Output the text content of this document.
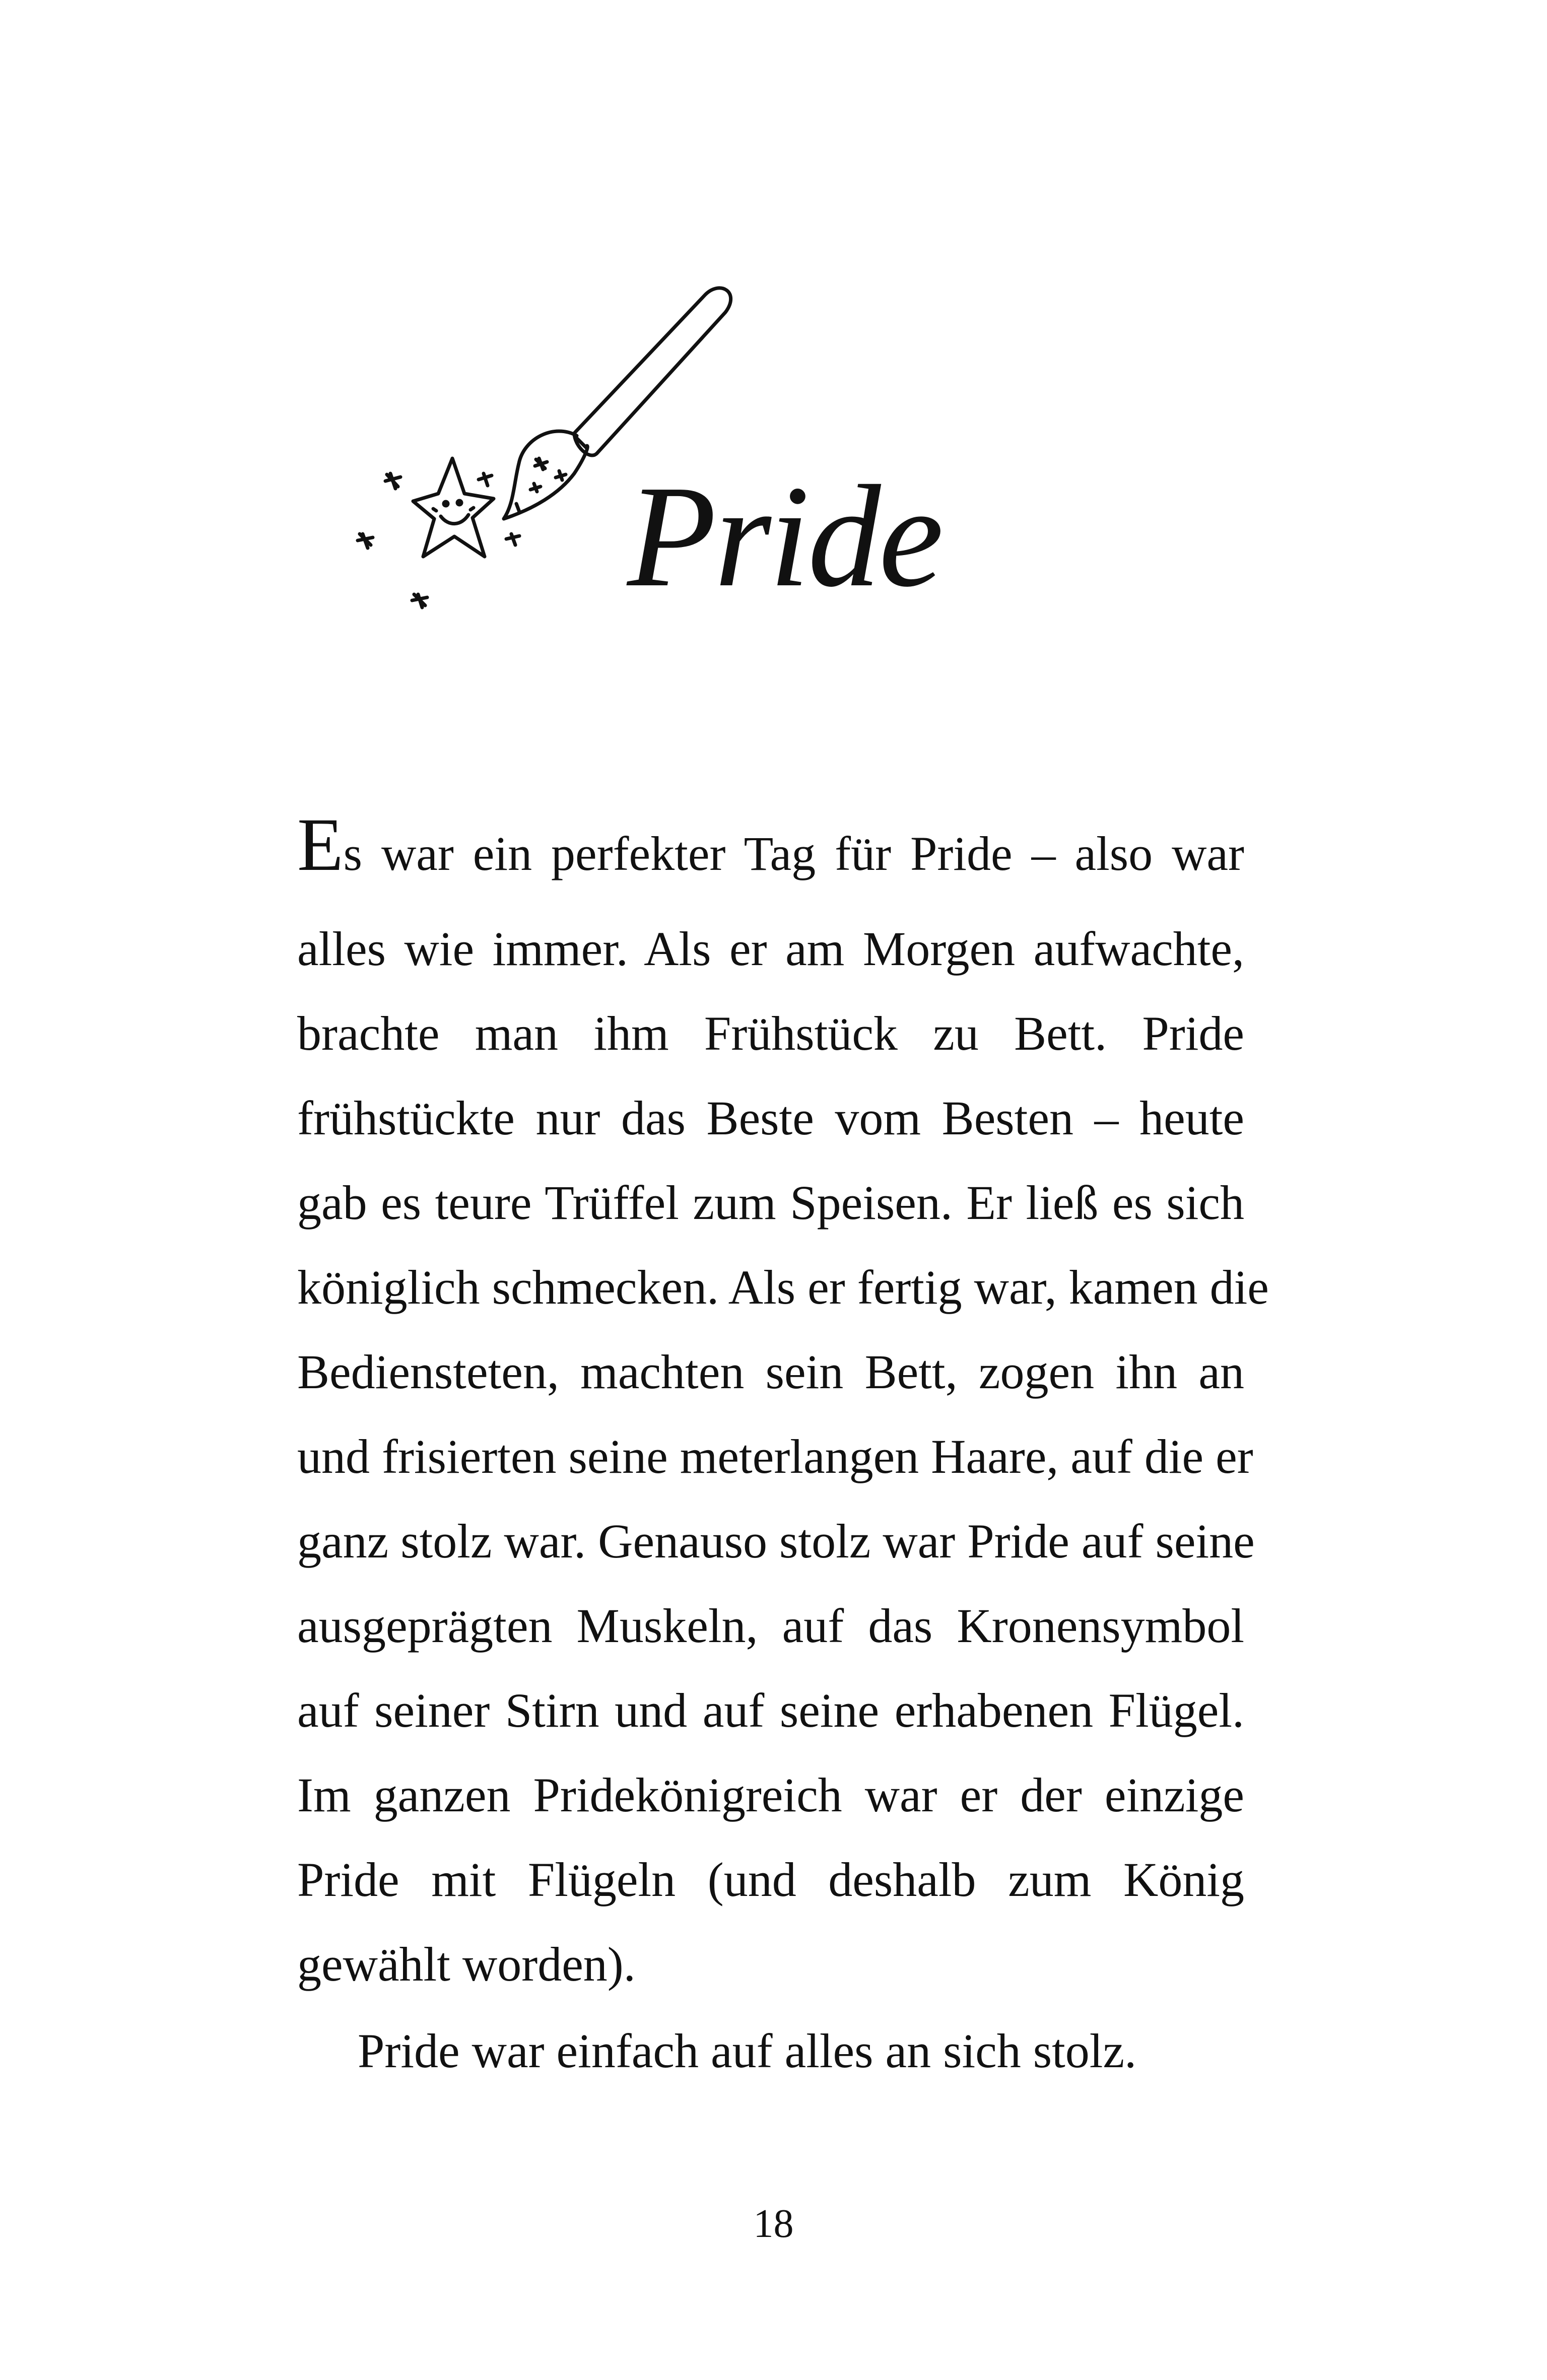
Pride
Es war ein perfekter Tag für Pride – also war
alles wie immer. Als er am Morgen aufwachte,
brachte man ihm Frühstück zu Bett. Pride
frühstückte nur das Beste vom Besten – heute
gab es teure Trüffel zum Speisen. Er ließ es sich
königlich schmecken. Als er fertig war, kamen die
Bediensteten, machten sein Bett, zogen ihn an
und frisierten seine meterlangen Haare, auf die er
ganz stolz war. Genauso stolz war Pride auf seine
ausgeprägten Muskeln, auf das Kronensymbol
auf seiner Stirn und auf seine erhabenen Flügel.
Im ganzen Pridekönigreich war er der einzige
Pride mit Flügeln (und deshalb zum König
gewählt worden).
Pride war einfach auf alles an sich stolz.
18
